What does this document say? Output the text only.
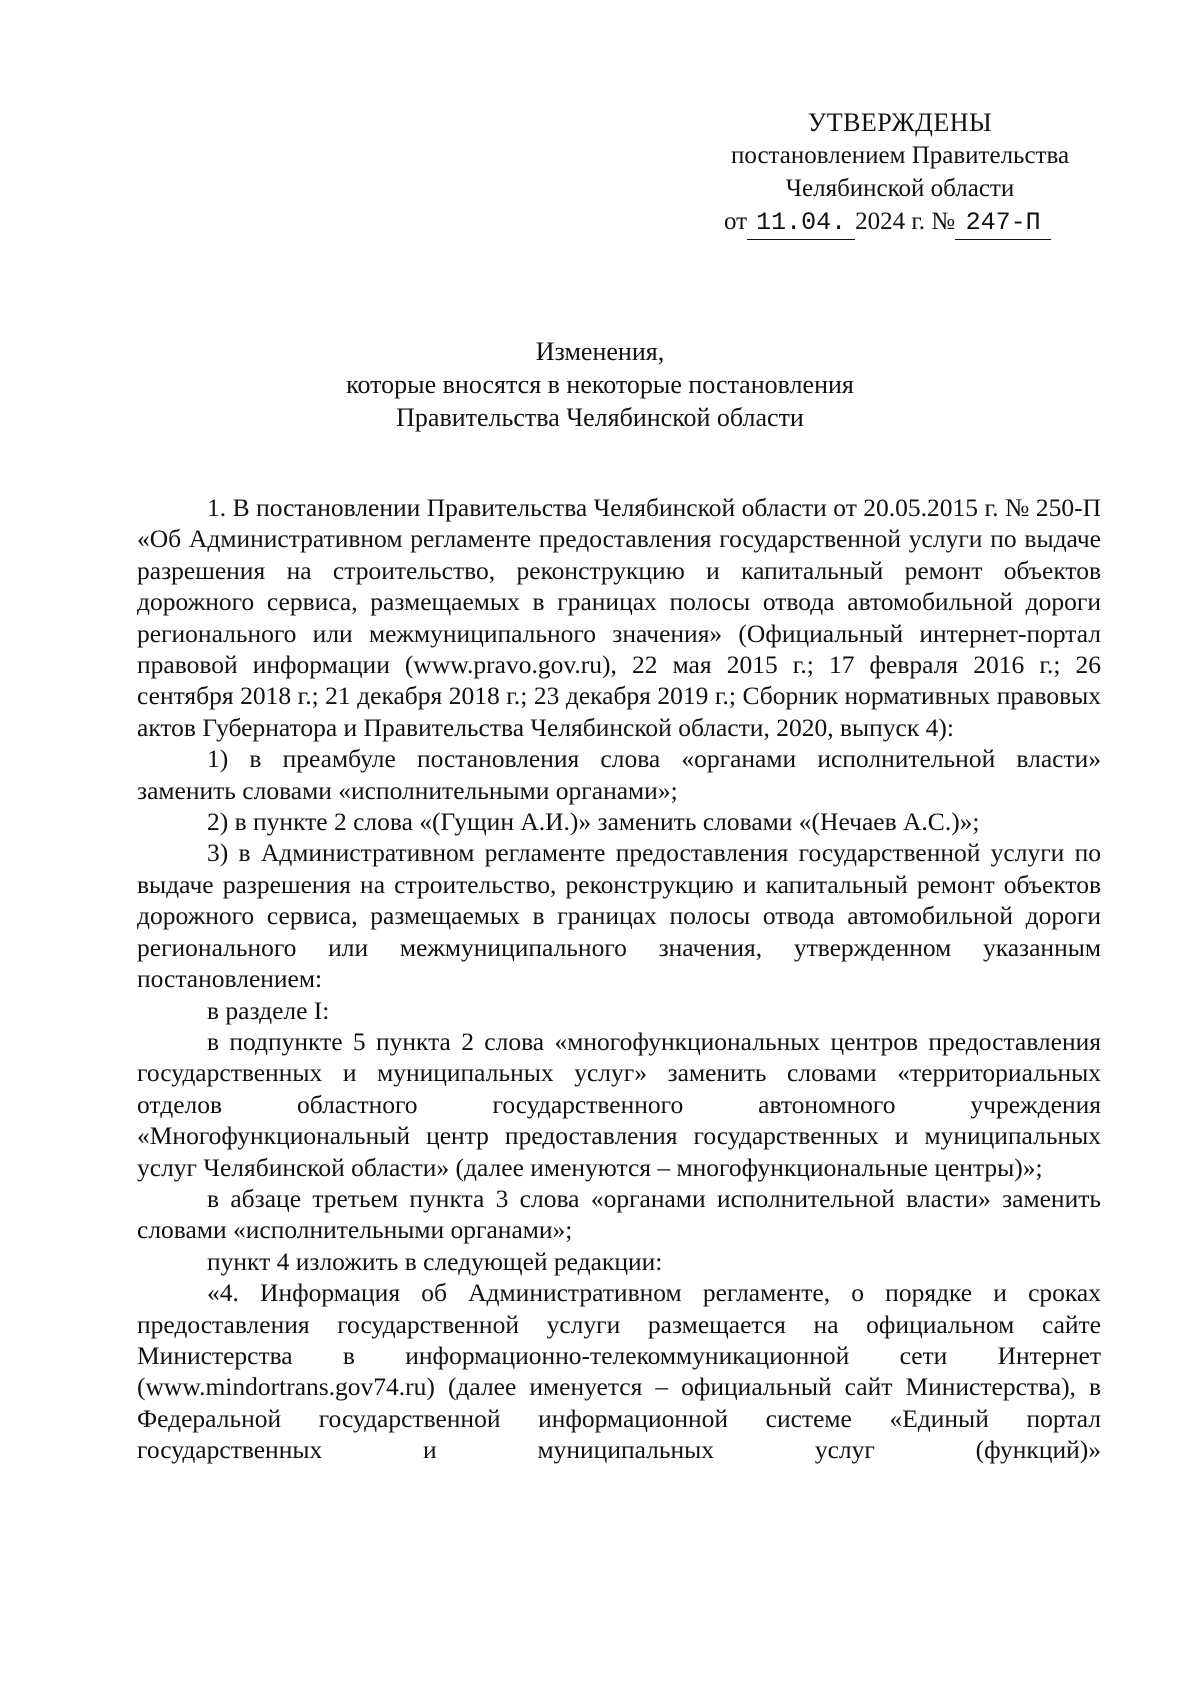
УТВЕРЖДЕНЫ
постановлением Правительства
Челябинской области
от 11.04. 2024 г. № 247-П
Изменения,
которые вносятся в некоторые постановления
Правительства Челябинской области

1. В постановлении Правительства Челябинской области от 20.05.2015 г. № 250-П «Об Административном регламенте предоставления государственной услуги по выдаче разрешения на строительство, реконструкцию и капитальный ремонт объектов дорожного сервиса, размещаемых в границах полосы отвода автомобильной дороги регионального или межмуниципального значения» (Официальный интернет-портал правовой информации (www.pravo.gov.ru), 22 мая 2015 г.; 17 февраля 2016 г.; 26 сентября 2018 г.; 21 декабря 2018 г.; 23 декабря 2019 г.; Сборник нормативных правовых актов Губернатора и Правительства Челябинской области, 2020, выпуск 4):

1) в преамбуле постановления слова «органами исполнительной власти» заменить словами «исполнительными органами»;

2) в пункте 2 слова «(Гущин А.И.)» заменить словами «(Нечаев А.С.)»;

3) в Административном регламенте предоставления государственной услуги по выдаче разрешения на строительство, реконструкцию и капитальный ремонт объектов дорожного сервиса, размещаемых в границах полосы отвода автомобильной дороги регионального или межмуниципального значения, утвержденном указанным постановлением:

в разделе I:

в подпункте 5 пункта 2 слова «многофункциональных центров предоставления государственных и муниципальных услуг» заменить словами «территориальных отделов областного государственного автономного учреждения «Многофункциональный центр предоставления государственных и муниципальных услуг Челябинской области» (далее именуются – многофункциональные центры)»;

в абзаце третьем пункта 3 слова «органами исполнительной власти» заменить словами «исполнительными органами»;

пункт 4 изложить в следующей редакции:

«4. Информация об Административном регламенте, о порядке и сроках предоставления государственной услуги размещается на официальном сайте Министерства в информационно-телекоммуникационной сети Интернет (www.mindortrans.gov74.ru) (далее именуется – официальный сайт Министерства), в Федеральной государственной информационной системе «Единый портал государственных и муниципальных услуг (функций)»
